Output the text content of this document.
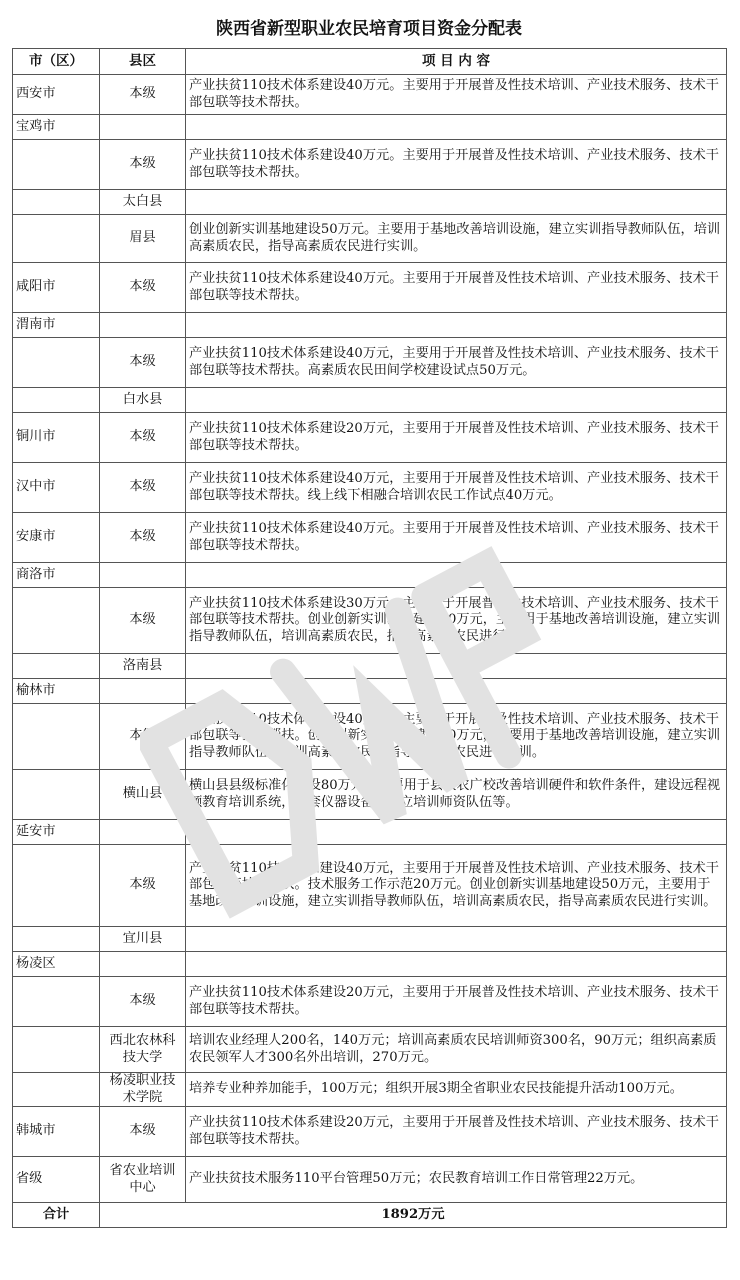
陕西省新型职业农民培育项目资金分配表
市（区）	县区	项 目 内 容
西安市	本级	产业扶贫110技术体系建设40万元。主要用于开展普及性技术培训、产业技术服务、技术干部包联等技术帮扶。
宝鸡市		
	本级	产业扶贫110技术体系建设40万元。主要用于开展普及性技术培训、产业技术服务、技术干部包联等技术帮扶。
	太白县	
	眉县	创业创新实训基地建设50万元。主要用于基地改善培训设施，建立实训指导教师队伍，培训高素质农民，指导高素质农民进行实训。
咸阳市	本级	产业扶贫110技术体系建设40万元。主要用于开展普及性技术培训、产业技术服务、技术干部包联等技术帮扶。
渭南市		
	本级	产业扶贫110技术体系建设40万元，主要用于开展普及性技术培训、产业技术服务、技术干部包联等技术帮扶。高素质农民田间学校建设试点50万元。
	白水县	
铜川市	本级	产业扶贫110技术体系建设20万元，主要用于开展普及性技术培训、产业技术服务、技术干部包联等技术帮扶。
汉中市	本级	产业扶贫110技术体系建设40万元，主要用于开展普及性技术培训、产业技术服务、技术干部包联等技术帮扶。线上线下相融合培训农民工作试点40万元。
安康市	本级	产业扶贫110技术体系建设40万元。主要用于开展普及性技术培训、产业技术服务、技术干部包联等技术帮扶。
商洛市		
	本级	产业扶贫110技术体系建设30万元，主要用于开展普及性技术培训、产业技术服务、技术干部包联等技术帮扶。创业创新实训基地建设50万元，主要用于基地改善培训设施，建立实训指导教师队伍，培训高素质农民，指导高素质农民进行实训。
	洛南县	
榆林市		
	本级	产业扶贫110技术体系建设40万元，主要用于开展普及性技术培训、产业技术服务、技术干部包联等技术帮扶。创业创新实训基地建设50万元，主要用于基地改善培训设施，建立实训指导教师队伍，培训高素质农民，指导高素质农民进行实训。
	横山县	横山县县级标准化建设80万元，主要用于县级农广校改善培训硬件和软件条件，建设远程视频教育培训系统，配套仪器设备，建立培训师资队伍等。
延安市		
	本级	产业扶贫110技术体系建设40万元，主要用于开展普及性技术培训、产业技术服务、技术干部包联等技术帮扶。技术服务工作示范20万元。创业创新实训基地建设50万元，主要用于基地改善培训设施，建立实训指导教师队伍，培训高素质农民，指导高素质农民进行实训。
	宜川县	
杨凌区		
	本级	产业扶贫110技术体系建设20万元，主要用于开展普及性技术培训、产业技术服务、技术干部包联等技术帮扶。
	西北农林科技大学	培训农业经理人200名，140万元；培训高素质农民培训师资300名，90万元；组织高素质农民领军人才300名外出培训，270万元。
	杨凌职业技术学院	培养专业种养加能手，100万元；组织开展3期全省职业农民技能提升活动100万元。
韩城市	本级	产业扶贫110技术体系建设20万元，主要用于开展普及性技术培训、产业技术服务、技术干部包联等技术帮扶。
省级	省农业培训中心	产业扶贫技术服务110平台管理50万元；农民教育培训工作日常管理22万元。
合计	1892万元	
